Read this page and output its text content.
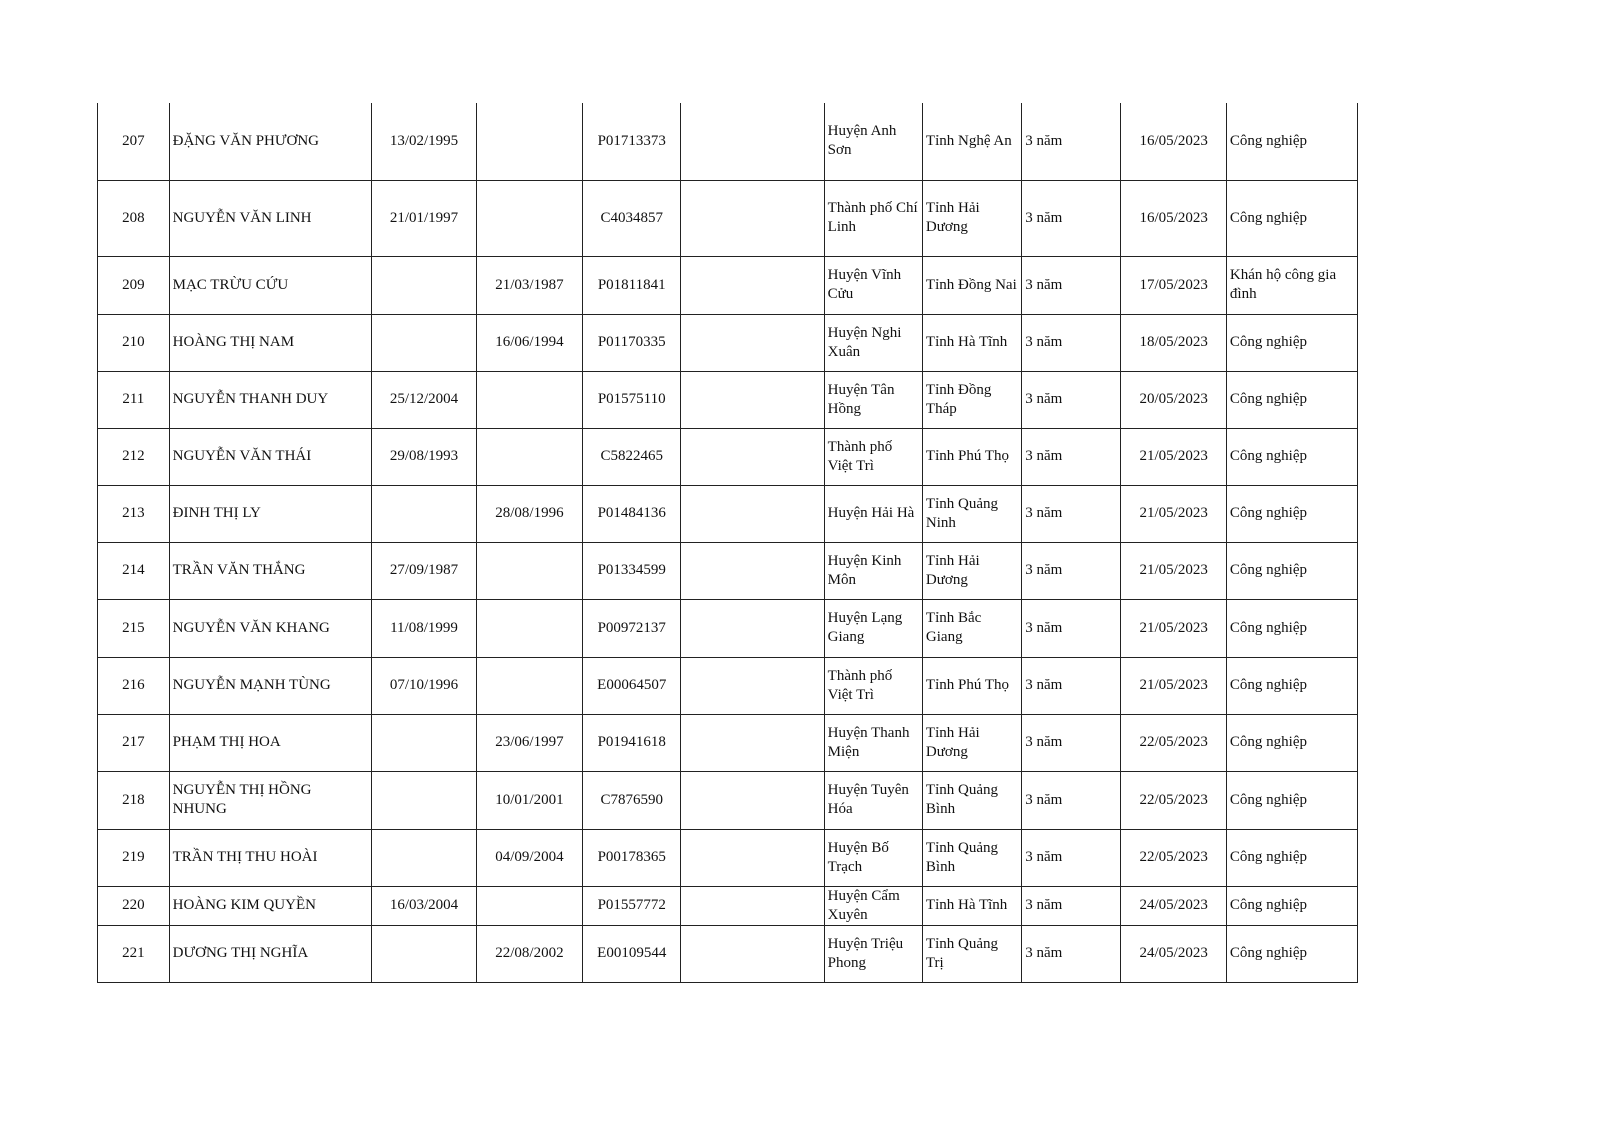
207	ĐẶNG VĂN PHƯƠNG	13/02/1995		P01713373		Huyện Anh Sơn	Tỉnh Nghệ An	3 năm	16/05/2023	Công nghiệp
208	NGUYỄN VĂN LINH	21/01/1997		C4034857		Thành phố Chí Linh	Tỉnh Hải Dương	3 năm	16/05/2023	Công nghiệp
209	MẠC TRỪU CỨU		21/03/1987	P01811841		Huyện Vĩnh Cửu	Tỉnh Đồng Nai	3 năm	17/05/2023	Khán hộ công gia đình
210	HOÀNG THỊ NAM		16/06/1994	P01170335		Huyện Nghi Xuân	Tỉnh Hà Tĩnh	3 năm	18/05/2023	Công nghiệp
211	NGUYỄN THANH DUY	25/12/2004		P01575110		Huyện Tân Hồng	Tỉnh Đồng Tháp	3 năm	20/05/2023	Công nghiệp
212	NGUYỄN VĂN THÁI	29/08/1993		C5822465		Thành phố Việt Trì	Tỉnh Phú Thọ	3 năm	21/05/2023	Công nghiệp
213	ĐINH THỊ LY		28/08/1996	P01484136		Huyện Hải Hà	Tỉnh Quảng Ninh	3 năm	21/05/2023	Công nghiệp
214	TRẦN VĂN THẮNG	27/09/1987		P01334599		Huyện Kinh Môn	Tỉnh Hải Dương	3 năm	21/05/2023	Công nghiệp
215	NGUYỄN VĂN KHANG	11/08/1999		P00972137		Huyện Lạng Giang	Tỉnh Bắc Giang	3 năm	21/05/2023	Công nghiệp
216	NGUYỄN MẠNH TÙNG	07/10/1996		E00064507		Thành phố Việt Trì	Tỉnh Phú Thọ	3 năm	21/05/2023	Công nghiệp
217	PHẠM THỊ HOA		23/06/1997	P01941618		Huyện Thanh Miện	Tỉnh Hải Dương	3 năm	22/05/2023	Công nghiệp
218	NGUYỄN THỊ HỒNG NHUNG		10/01/2001	C7876590		Huyện Tuyên Hóa	Tỉnh Quảng Bình	3 năm	22/05/2023	Công nghiệp
219	TRẦN THỊ THU HOÀI		04/09/2004	P00178365		Huyện Bố Trạch	Tỉnh Quảng Bình	3 năm	22/05/2023	Công nghiệp
220	HOÀNG KIM QUYỀN	16/03/2004		P01557772		Huyện Cẩm Xuyên	Tỉnh Hà Tĩnh	3 năm	24/05/2023	Công nghiệp
221	DƯƠNG THỊ NGHĨA		22/08/2002	E00109544		Huyện Triệu Phong	Tỉnh Quảng Trị	3 năm	24/05/2023	Công nghiệp
